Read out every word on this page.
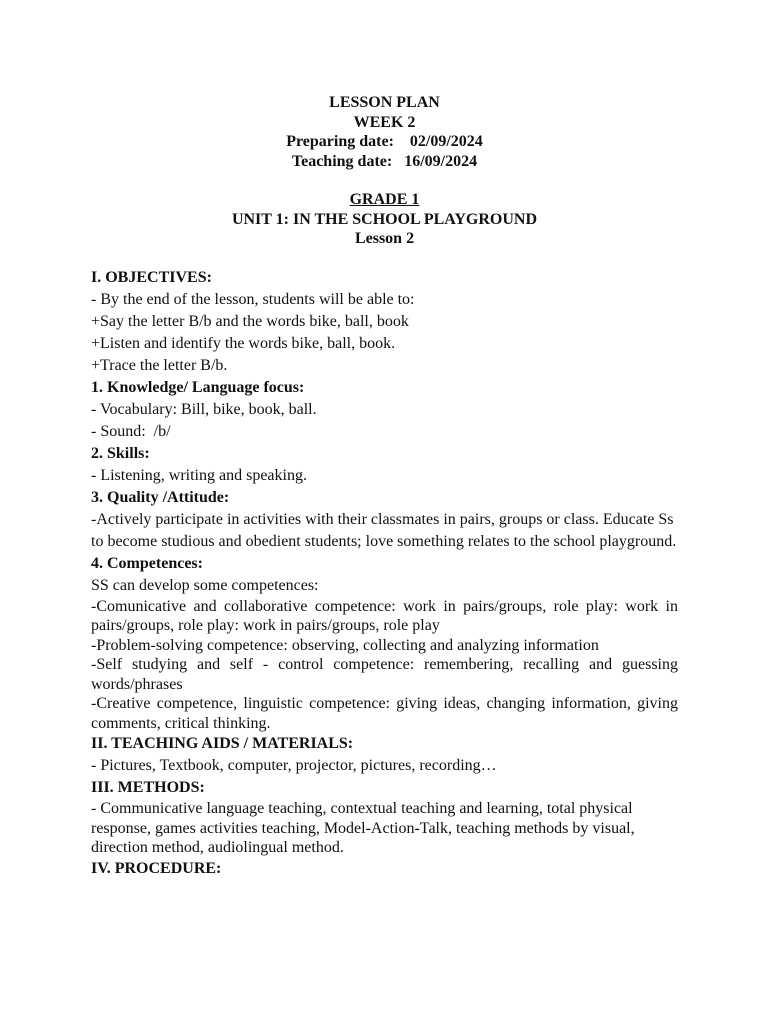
LESSON PLAN
WEEK 2
Preparing date:    02/09/2024
Teaching date:   16/09/2024
GRADE 1
UNIT 1: IN THE SCHOOL PLAYGROUND
Lesson 2
I. OBJECTIVES:
- By the end of the lesson, students will be able to:
+Say the letter B/b and the words bike, ball, book
+Listen and identify the words bike, ball, book.
+Trace the letter B/b.
1. Knowledge/ Language focus:
- Vocabulary: Bill, bike, book, ball.
- Sound:  /b/
2. Skills:
- Listening, writing and speaking.
3. Quality /Attitude:
-Actively participate in activities with their classmates in pairs, groups or class. Educate Ss to become studious and obedient students; love something relates to the school playground.
4. Competences:
SS can develop some competences:
-Comunicative and collaborative competence: work in pairs/groups, role play: work in pairs/groups, role play: work in pairs/groups, role play
-Problem-solving competence: observing, collecting and analyzing information
-Self studying and self - control competence: remembering, recalling and guessing words/phrases
-Creative competence, linguistic competence: giving ideas, changing information, giving comments, critical thinking.
II. TEACHING AIDS / MATERIALS:
- Pictures, Textbook, computer, projector, pictures, recording…
III. METHODS:
- Communicative language teaching, contextual teaching and learning, total physical response, games activities teaching, Model-Action-Talk, teaching methods by visual, direction method, audiolingual method.
IV. PROCEDURE:
